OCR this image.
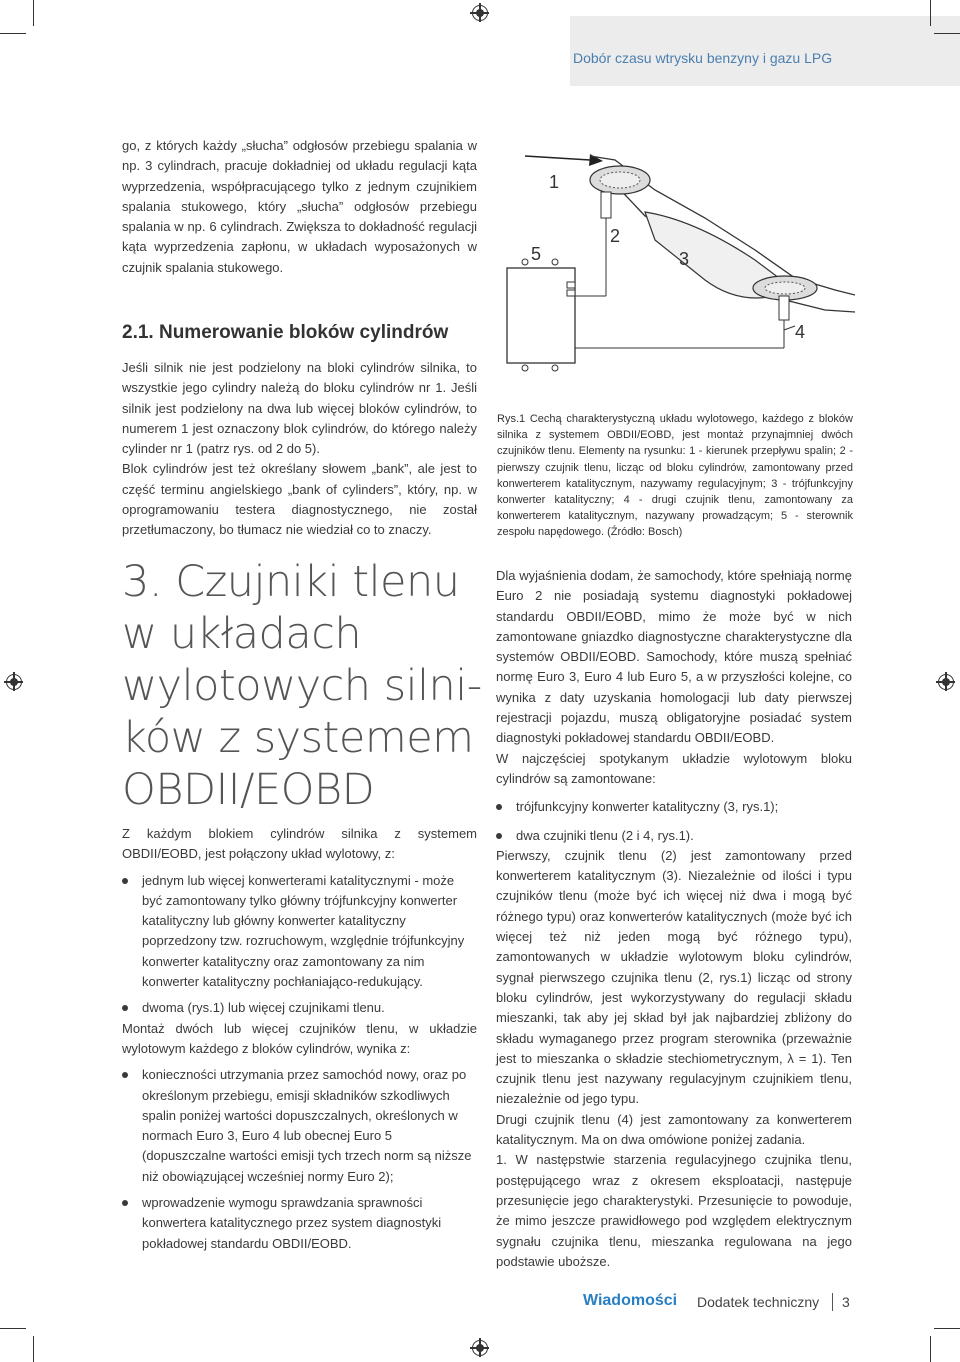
Dobór czasu wtrysku benzyny i gazu LPG

go, z których każdy „słucha” odgłosów przebiegu spalania w np. 3 cylindrach, pracuje dokładniej od układu regulacji kąta wyprzedzenia, współpracującego tylko z jednym czujnikiem spalania stukowego, który „słucha” odgłosów przebiegu spalania w np. 6 cylindrach. Zwiększa to dokładność regulacji kąta wyprzedzenia zapłonu, w układach wyposażonych w czujnik spalania stukowego.

2.1. Numerowanie bloków cylindrów

Jeśli silnik nie jest podzielony na bloki cylindrów silnika, to wszystkie jego cylindry należą do bloku cylindrów nr 1. Jeśli silnik jest podzielony na dwa lub więcej bloków cylindrów, to numerem 1 jest oznaczony blok cylindrów, do którego należy cylinder nr 1 (patrz rys. od 2 do 5).

Blok cylindrów jest też określany słowem „bank”, ale jest to część terminu angielskiego „bank of cylinders”, który, np. w oprogramowaniu testera diagnostycznego, nie został przetłumaczony, bo tłumacz nie wiedział co to znaczy.

1
2
3
4
5
Rys.1 Cechą charakterystyczną układu wylotowego, każdego z bloków silnika z systemem OBDII/EOBD, jest montaż przynajmniej dwóch czujników tlenu. Elementy na rysunku: 1 - kierunek przepływu spalin; 2 - pierwszy czujnik tlenu, licząc od bloku cylindrów, zamontowany przed konwerterem katalitycznym, nazywamy regulacyjnym; 3 - trójfunkcyjny konwerter katalityczny; 4 - drugi czujnik tlenu, zamontowany za konwerterem katalitycznym, nazywany prowadzącym; 5 - sterownik zespołu napędowego. (Źródło: Bosch)
3. Czujniki tlenu
w układach
wylotowych silni-
ków z systemem
OBDII/EOBD

Z każdym blokiem cylindrów silnika z systemem OBDII/EOBD, jest połączony układ wylotowy, z:

jednym lub więcej konwerterami katalitycznymi - może być zamontowany tylko główny trójfunkcyjny konwerter katalityczny lub główny konwerter katalityczny poprzedzony tzw. rozruchowym, względnie trójfunkcyjny konwerter katalityczny oraz zamontowany za nim konwerter katalityczny pochłaniająco-redukujący.
dwoma (rys.1) lub więcej czujnikami tlenu.

Montaż dwóch lub więcej czujników tlenu, w układzie wylotowym każdego z bloków cylindrów, wynika z:

konieczności utrzymania przez samochód nowy, oraz po określonym przebiegu, emisji składników szkodliwych spalin poniżej wartości dopuszczalnych, określonych w normach Euro 3, Euro 4 lub obecnej Euro 5 (dopuszczalne wartości emisji tych trzech norm są niższe niż obowiązującej wcześniej normy Euro 2);
wprowadzenie wymogu sprawdzania sprawności konwertera katalitycznego przez system diagnostyki pokładowej standardu OBDII/EOBD.

Dla wyjaśnienia dodam, że samochody, które spełniają normę Euro 2 nie posiadają systemu diagnostyki pokładowej standardu OBDII/EOBD, mimo że może być w nich zamontowane gniazdko diagnostyczne charakterystyczne dla systemów OBDII/EOBD. Samochody, które muszą spełniać normę Euro 3, Euro 4 lub Euro 5, a w przyszłości kolejne, co wynika z daty uzyskania homologacji lub daty pierwszej rejestracji pojazdu, muszą obligatoryjne posiadać system diagnostyki pokładowej standardu OBDII/EOBD.

W najczęściej spotykanym układzie wylotowym bloku cylindrów są zamontowane:

trójfunkcyjny konwerter katalityczny (3, rys.1);
dwa czujniki tlenu (2 i 4, rys.1).

Pierwszy, czujnik tlenu (2) jest zamontowany przed konwerterem katalitycznym (3). Niezależnie od ilości i typu czujników tlenu (może być ich więcej niż dwa i mogą być różnego typu) oraz konwerterów katalitycznych (może być ich więcej też niż jeden mogą być różnego typu), zamontowanych w układzie wylotowym bloku cylindrów, sygnał pierwszego czujnika tlenu (2, rys.1) licząc od strony bloku cylindrów, jest wykorzystywany do regulacji składu mieszanki, tak aby jej skład był jak najbardziej zbliżony do składu wymaganego przez program sterownika (przeważnie jest to mieszanka o składzie stechiometrycznym, λ = 1). Ten czujnik tlenu jest nazywany regulacyjnym czujnikiem tlenu, niezależnie od jego typu.

Drugi czujnik tlenu (4) jest zamontowany za konwerterem katalitycznym. Ma on dwa omówione poniżej zadania.

1. W następstwie starzenia regulacyjnego czujnika tlenu, postępującego wraz z okresem eksploatacji, następuje przesunięcie jego charakterystyki. Przesunięcie to powoduje, że mimo jeszcze prawidłowego pod względem elektrycznym sygnału czujnika tlenu, mieszanka regulowana na jego podstawie uboższe.
Wiadomości Dodatek techniczny 3
